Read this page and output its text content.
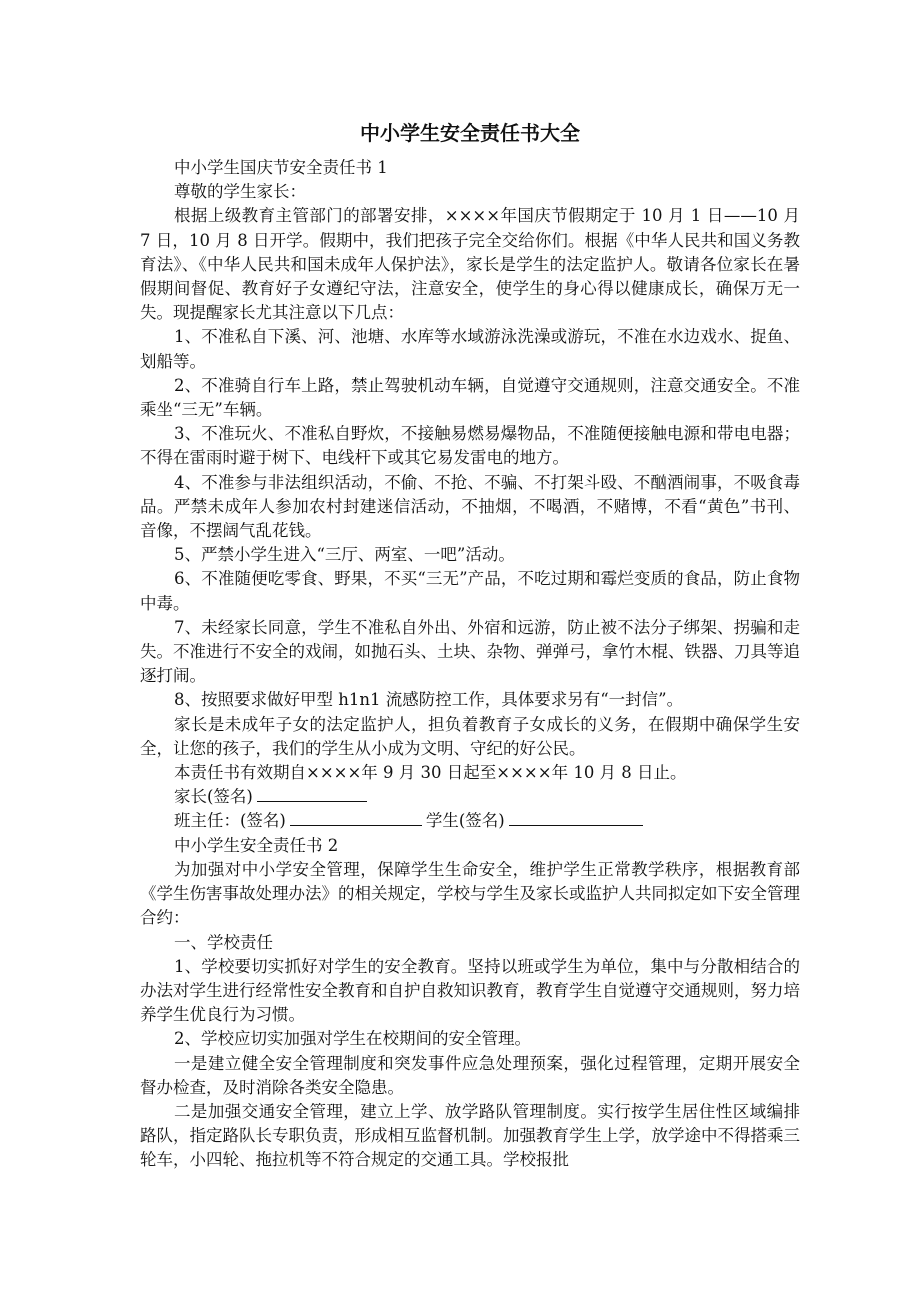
中小学生安全责任书大全

中小学生国庆节安全责任书 1

尊敬的学生家长：

根据上级教育主管部门的部署安排，××××年国庆节假期定于 10 月 1 日——10 月 7 日，10 月 8 日开学。假期中，我们把孩子完全交给你们。根据《中华人民共和国义务教育法》、《中华人民共和国未成年人保护法》，家长是学生的法定监护人。敬请各位家长在暑假期间督促、教育好子女遵纪守法，注意安全，使学生的身心得以健康成长，确保万无一失。现提醒家长尤其注意以下几点：

1、不准私自下溪、河、池塘、水库等水域游泳洗澡或游玩，不准在水边戏水、捉鱼、划船等。

2、不准骑自行车上路，禁止驾驶机动车辆，自觉遵守交通规则，注意交通安全。不准乘坐“三无”车辆。

3、不准玩火、不准私自野炊，不接触易燃易爆物品，不准随便接触电源和带电电器；不得在雷雨时避于树下、电线杆下或其它易发雷电的地方。

4、不准参与非法组织活动，不偷、不抢、不骗、不打架斗殴、不酗酒闹事，不吸食毒品。严禁未成年人参加农村封建迷信活动，不抽烟，不喝酒，不赌博，不看“黄色”书刊、音像，不摆阔气乱花钱。

5、严禁小学生进入“三厅、两室、一吧”活动。

6、不准随便吃零食、野果，不买“三无”产品，不吃过期和霉烂变质的食品，防止食物中毒。

7、未经家长同意，学生不准私自外出、外宿和远游，防止被不法分子绑架、拐骗和走失。不准进行不安全的戏闹，如抛石头、土块、杂物、弹弹弓，拿竹木棍、铁器、刀具等追逐打闹。

8、按照要求做好甲型 h1n1 流感防控工作，具体要求另有“一封信”。

家长是未成年子女的法定监护人，担负着教育子女成长的义务，在假期中确保学生安全，让您的孩子，我们的学生从小成为文明、守纪的好公民。

本责任书有效期自××××年 9 月 30 日起至××××年 10 月 8 日止。

家长(签名)

班主任：(签名)	学生(签名)

中小学生安全责任书 2

为加强对中小学安全管理，保障学生生命安全，维护学生正常教学秩序，根据教育部《学生伤害事故处理办法》的相关规定，学校与学生及家长或监护人共同拟定如下安全管理合约：

一、学校责任

1、学校要切实抓好对学生的安全教育。坚持以班或学生为单位，集中与分散相结合的办法对学生进行经常性安全教育和自护自救知识教育，教育学生自觉遵守交通规则，努力培养学生优良行为习惯。

2、学校应切实加强对学生在校期间的安全管理。

一是建立健全安全管理制度和突发事件应急处理预案，强化过程管理，定期开展安全督办检查，及时消除各类安全隐患。

二是加强交通安全管理，建立上学、放学路队管理制度。实行按学生居住性区域编排路队，指定路队长专职负责，形成相互监督机制。加强教育学生上学，放学途中不得搭乘三轮车，小四轮、拖拉机等不符合规定的交通工具。学校报批
